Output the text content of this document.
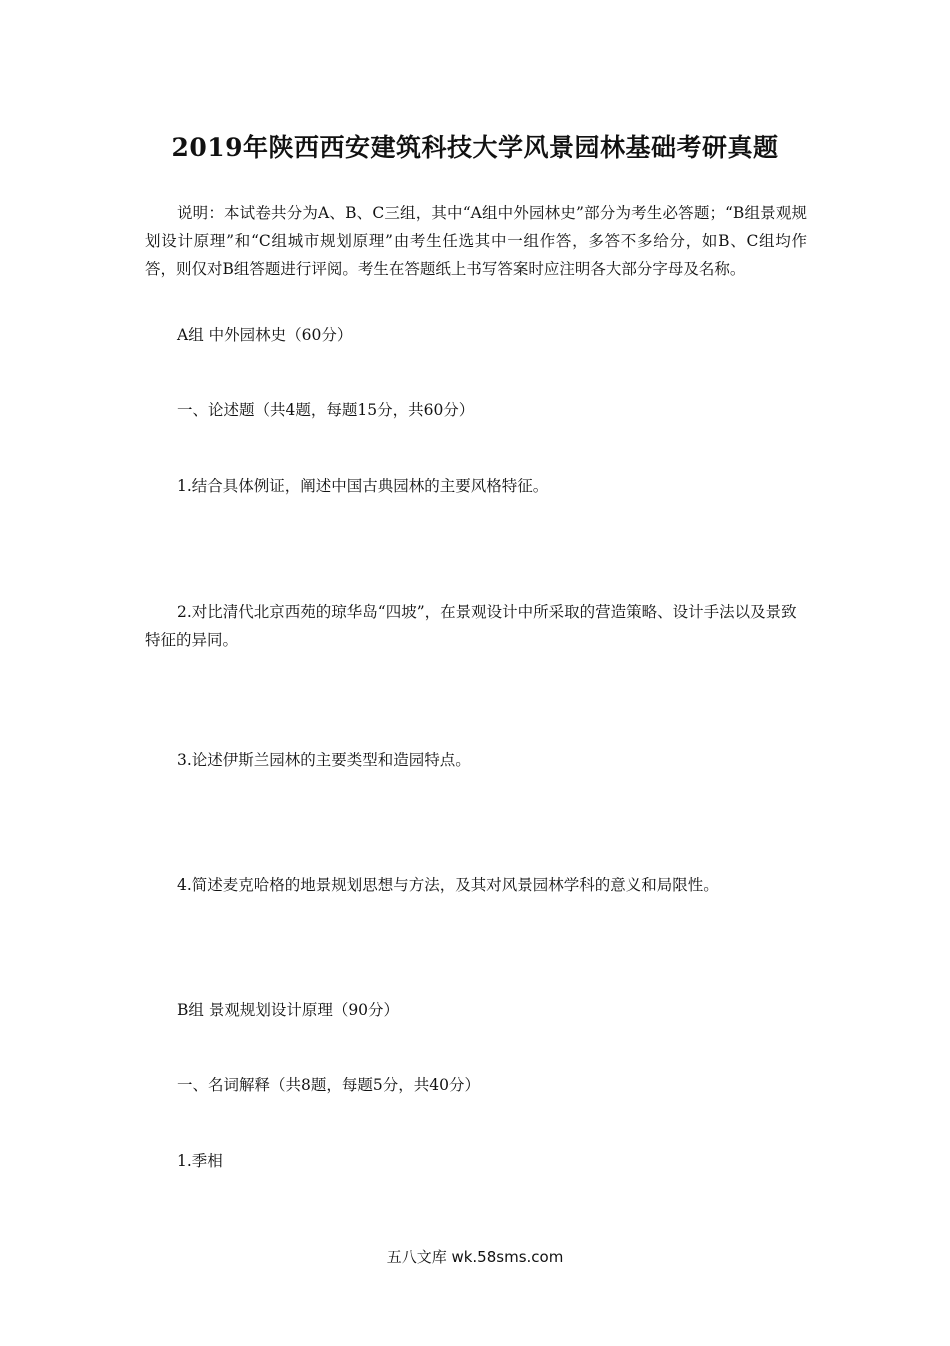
2019年陕西西安建筑科技大学风景园林基础考研真题

说明：本试卷共分为A、B、C三组，其中“A组中外园林史”部分为考生必答题；“B组景观规划设计原理”和“C组城市规划原理”由考生任选其中一组作答，多答不多给分，如B、C组均作答，则仅对B组答题进行评阅。考生在答题纸上书写答案时应注明各大部分字母及名称。

A组 中外园林史（60分）

一、论述题（共4题，每题15分，共60分）

1.结合具体例证，阐述中国古典园林的主要风格特征。

2.对比清代北京西苑的琼华岛“四坡”，在景观设计中所采取的营造策略、设计手法以及景致特征的异同。

3.论述伊斯兰园林的主要类型和造园特点。

4.简述麦克哈格的地景规划思想与方法，及其对风景园林学科的意义和局限性。

B组 景观规划设计原理（90分）

一、名词解释（共8题，每题5分，共40分）

1.季相

五八文库 wk.58sms.com
